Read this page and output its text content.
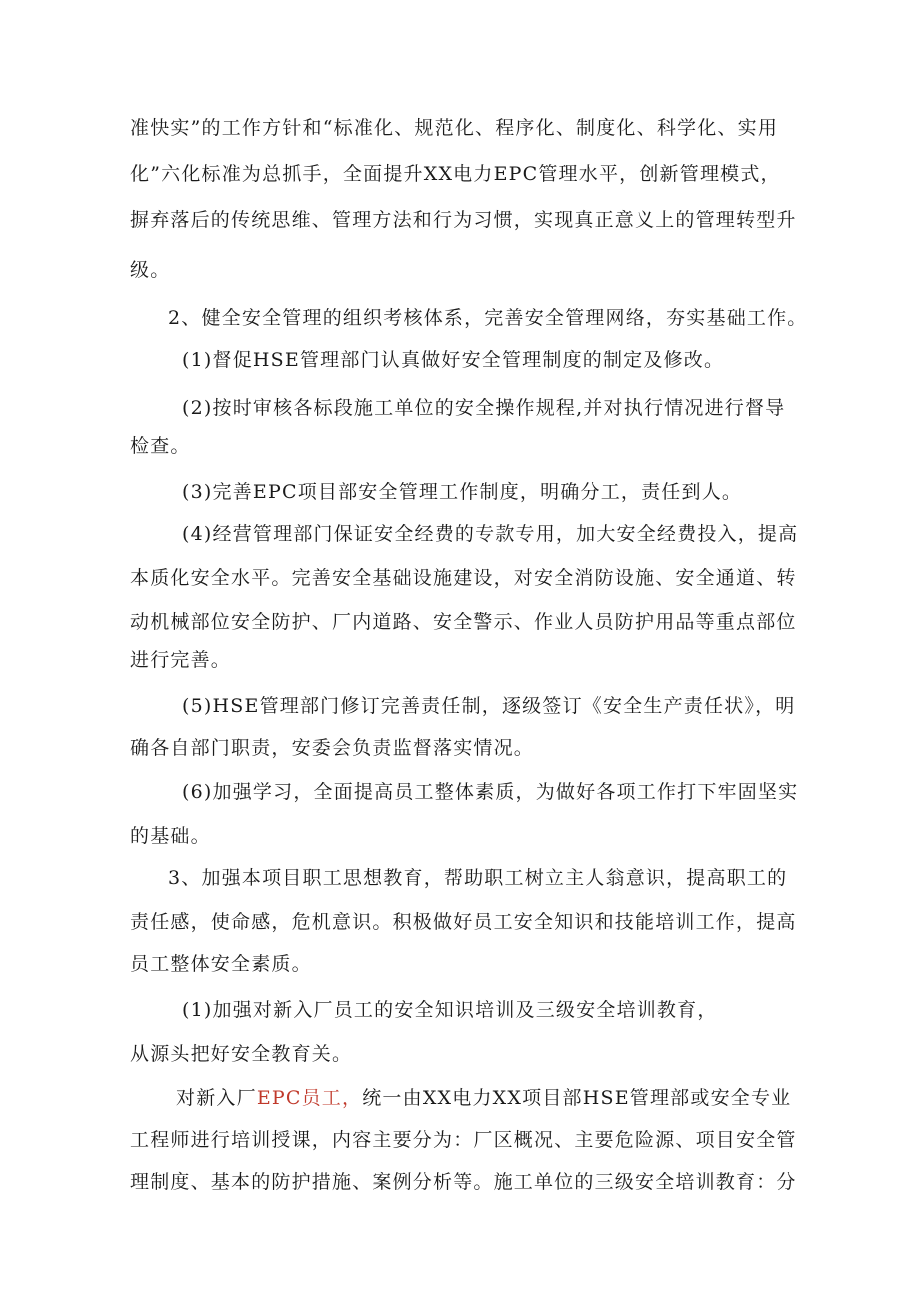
准快实”的工作方针和“标准化、规范化、程序化、制度化、科学化、实用
化”六化标准为总抓手，全面提升XX电力EPC管理水平，创新管理模式，
摒弃落后的传统思维、管理方法和行为习惯，实现真正意义上的管理转型升
级。
2、健全安全管理的组织考核体系，完善安全管理网络，夯实基础工作。
(1)督促HSE管理部门认真做好安全管理制度的制定及修改。
(2)按时审核各标段施工单位的安全操作规程,并对执行情况进行督导
检查。
(3)完善EPC项目部安全管理工作制度，明确分工，责任到人。
(4)经营管理部门保证安全经费的专款专用，加大安全经费投入，提高
本质化安全水平。完善安全基础设施建设，对安全消防设施、安全通道、转
动机械部位安全防护、厂内道路、安全警示、作业人员防护用品等重点部位
进行完善。
(5)HSE管理部门修订完善责任制，逐级签订《安全生产责任状》，明
确各自部门职责，安委会负责监督落实情况。
(6)加强学习，全面提高员工整体素质，为做好各项工作打下牢固坚实
的基础。
3、加强本项目职工思想教育，帮助职工树立主人翁意识，提高职工的
责任感，使命感，危机意识。积极做好员工安全知识和技能培训工作，提高
员工整体安全素质。
(1)加强对新入厂员工的安全知识培训及三级安全培训教育，
从源头把好安全教育关。
对新入厂EPC员工，统一由XX电力XX项目部HSE管理部或安全专业
工程师进行培训授课，内容主要分为：厂区概况、主要危险源、项目安全管
理制度、基本的防护措施、案例分析等。施工单位的三级安全培训教育：分
